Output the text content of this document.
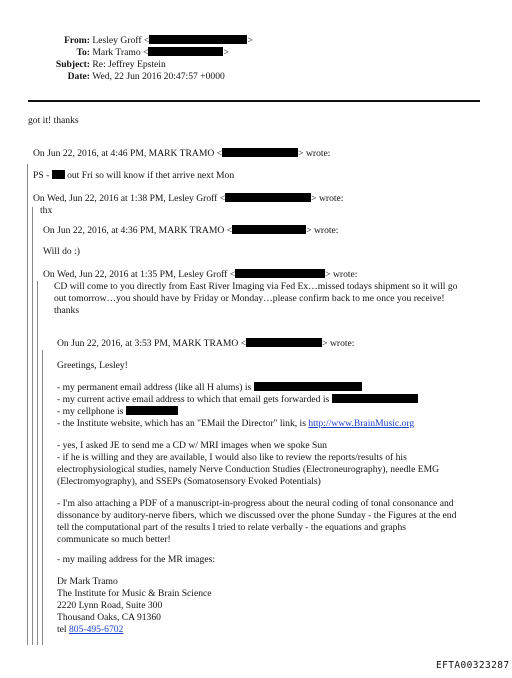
From: Lesley Groff <	>
To: Mark Tramo <	>
Subject: Re: Jeffrey Epstein
Date: Wed, 22 Jun 2016 20:47:57 +0000
got it! thanks
On Jun 22, 2016, at 4:46 PM, MARK TRAMO <	> wrote:
PS - out Fri so will know if thet arrive next Mon
On Wed, Jun 22, 2016 at 1:38 PM, Lesley Groff <	> wrote:
thx
On Jun 22, 2016, at 4:36 PM, MARK TRAMO <	> wrote:
Will do :)
On Wed, Jun 22, 2016 at 1:35 PM, Lesley Groff <	> wrote:
CD will come to you directly from East River Imaging via Fed Ex…missed todays shipment so it will go
out tomorrow…you should have by Friday or Monday…please confirm back to me once you receive!
thanks
On Jun 22, 2016, at 3:53 PM, MARK TRAMO <	> wrote:
Greetings, Lesley!
- my permanent email address (like all H alums) is
- my current active email address to which that email gets forwarded is
- my cellphone is
- the Institute website, which has an "EMail the Director" link, is http://www.BrainMusic.org
- yes, I asked JE to send me a CD w/ MRI images when we spoke Sun
- if he is willing and they are available, I would also like to review the reports/results of his
electrophysiological studies, namely Nerve Conduction Studies (Electroneurography), needle EMG
(Electromyography), and SSEPs (Somatosensory Evoked Potentials)
- I'm also attaching a PDF of a manuscript-in-progress about the neural coding of tonal consonance and
dissonance by auditory-nerve fibers, which we discussed over the phone Sunday - the Figures at the end
tell the computational part of the results I tried to relate verbally - the equations and graphs
communicate so much better!
- my mailing address for the MR images:
Dr Mark Tramo
The Institute for Music & Brain Science
2220 Lynn Road, Suite 300
Thousand Oaks, CA 91360
tel 805-495-6702
EFTA00323287
